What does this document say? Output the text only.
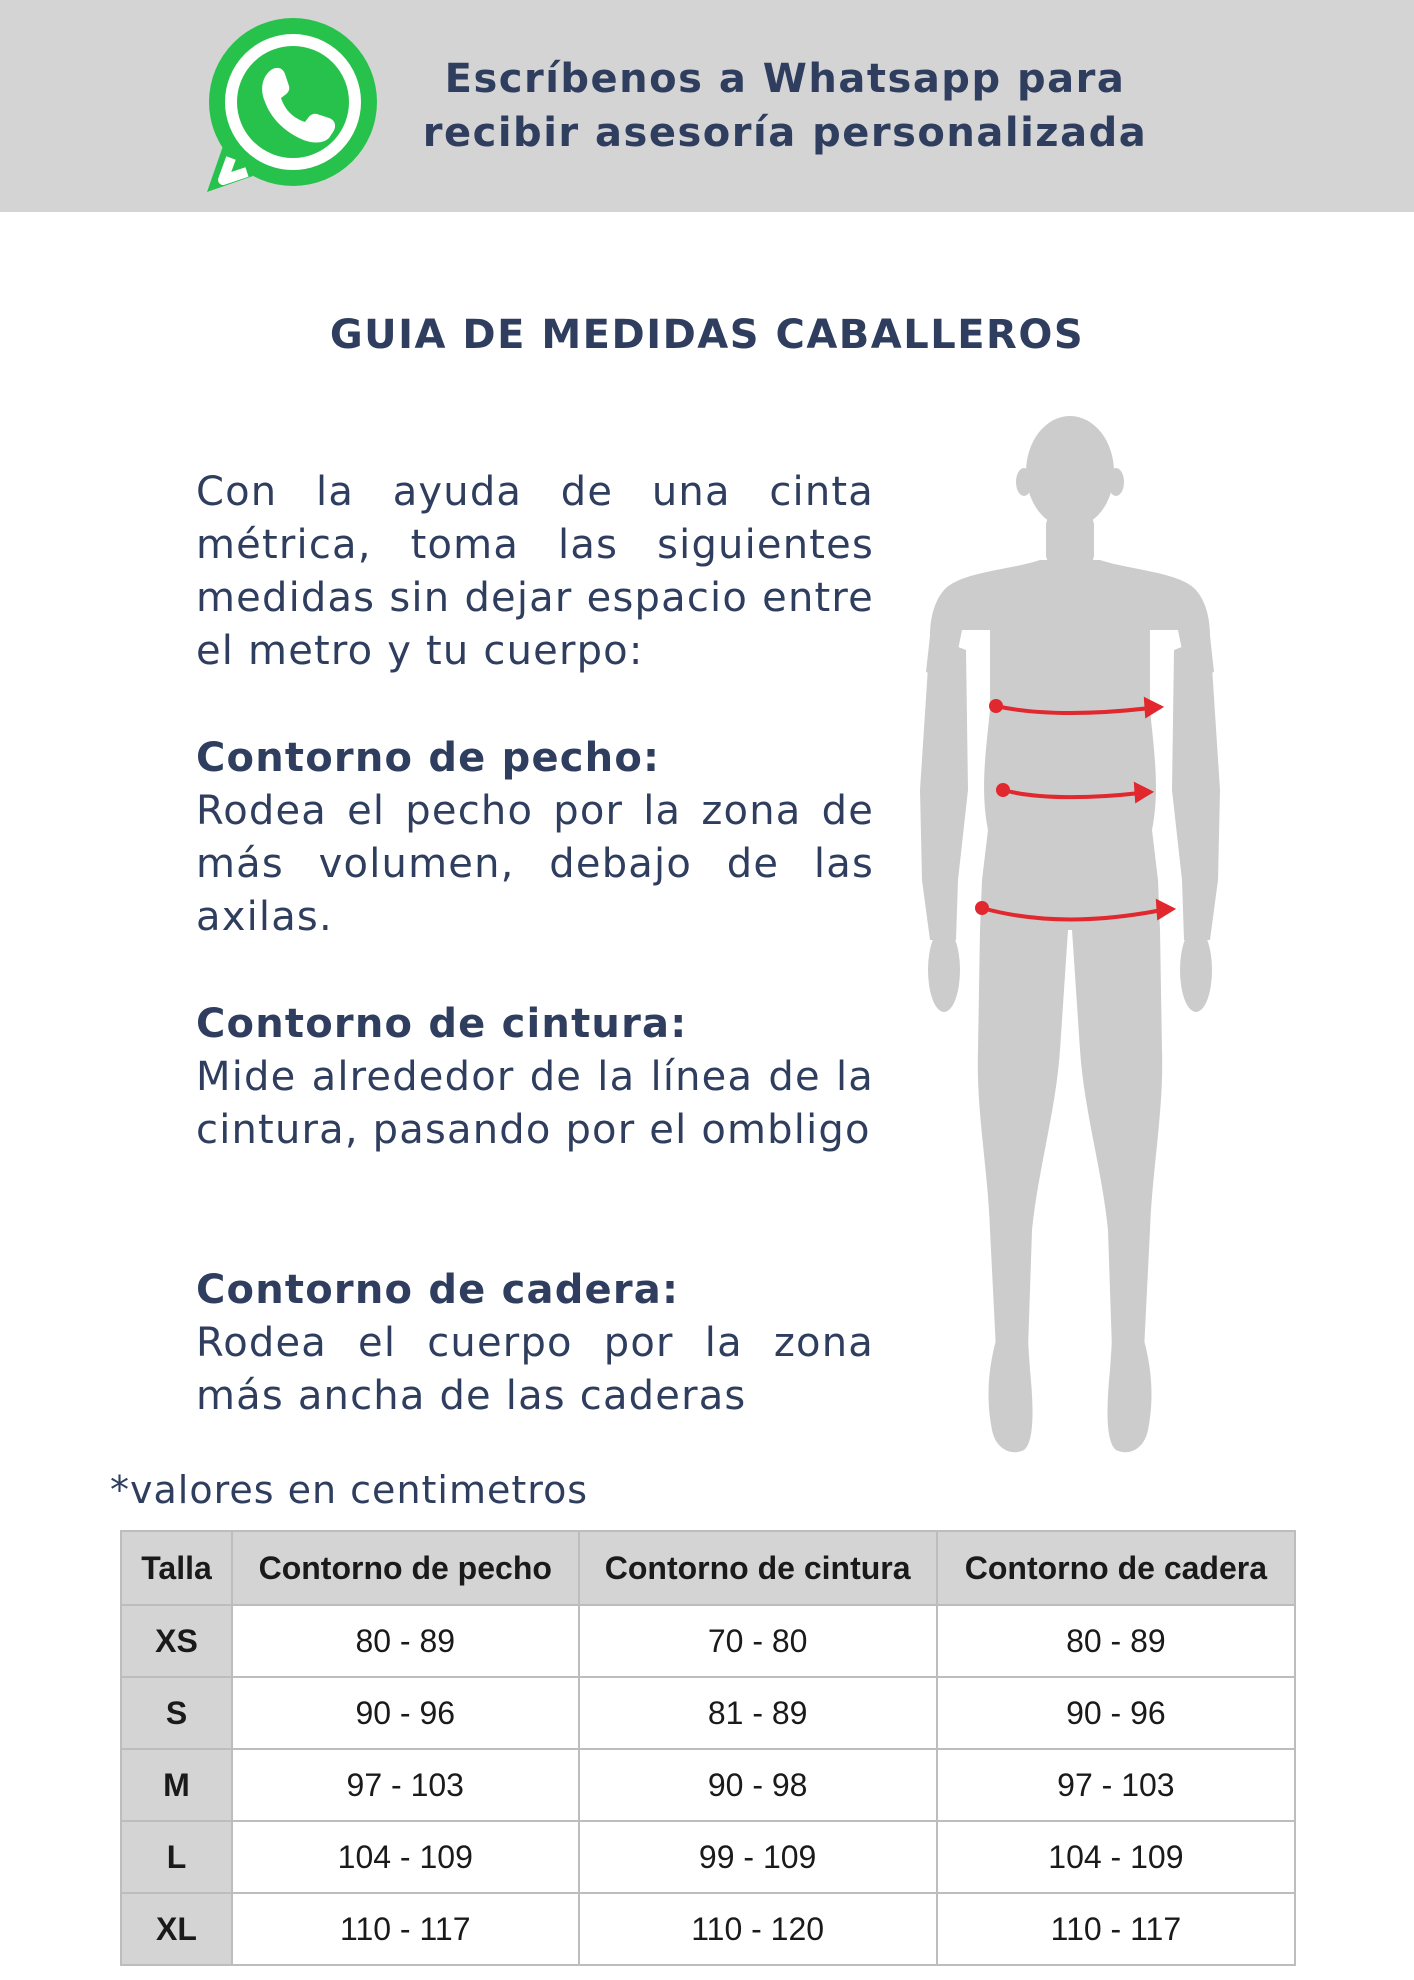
Escríbenos a Whatsapp para
recibir asesoría personalizada
GUIA DE MEDIDAS CABALLEROS
Con la ayuda de una cinta métrica, toma las siguientes medidas sin dejar espacio entre el metro y tu cuerpo:
Contorno de pecho:
Rodea el pecho por la zona de más volumen, debajo de las axilas.
Contorno de cintura:
Mide alrededor de la línea de la cintura, pasando por el ombligo
Contorno de cadera:
Rodea el cuerpo por la zona más ancha de las caderas
*valores en centimetros
Talla	Contorno de pecho	Contorno de cintura	Contorno de cadera
XS	80 - 89	70 - 80	80 - 89
S	90 - 96	81 - 89	90 - 96
M	97 - 103	90 - 98	97 - 103
L	104 - 109	99 - 109	104 - 109
XL	110 - 117	110 - 120	110 - 117
